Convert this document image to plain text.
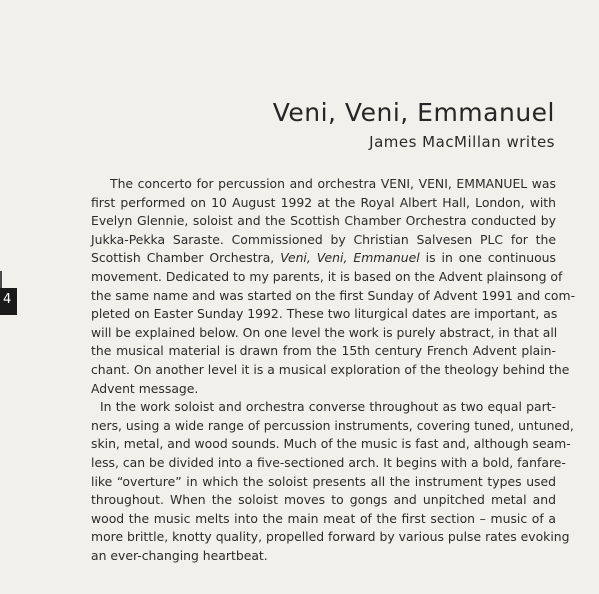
Veni, Veni, Emmanuel
James MacMillan writes
4
The concerto for percussion and orchestra VENI, VENI, EMMANUEL was
first performed on 10 August 1992 at the Royal Albert Hall, London, with
Evelyn Glennie, soloist and the Scottish Chamber Orchestra conducted by
Jukka-Pekka Saraste. Commissioned by Christian Salvesen PLC for the
Scottish Chamber Orchestra, Veni, Veni, Emmanuel is in one continuous
movement. Dedicated to my parents, it is based on the Advent plainsong of
the same name and was started on the first Sunday of Advent 1991 and com-
pleted on Easter Sunday 1992. These two liturgical dates are important, as
will be explained below. On one level the work is purely abstract, in that all
the musical material is drawn from the 15th century French Advent plain-
chant. On another level it is a musical exploration of the theology behind the
Advent message.
In the work soloist and orchestra converse throughout as two equal part-
ners, using a wide range of percussion instruments, covering tuned, untuned,
skin, metal, and wood sounds. Much of the music is fast and, although seam-
less, can be divided into a five-sectioned arch. It begins with a bold, fanfare-
like “overture” in which the soloist presents all the instrument types used
throughout. When the soloist moves to gongs and unpitched metal and
wood the music melts into the main meat of the first section – music of a
more brittle, knotty quality, propelled forward by various pulse rates evoking
an ever-changing heartbeat.
